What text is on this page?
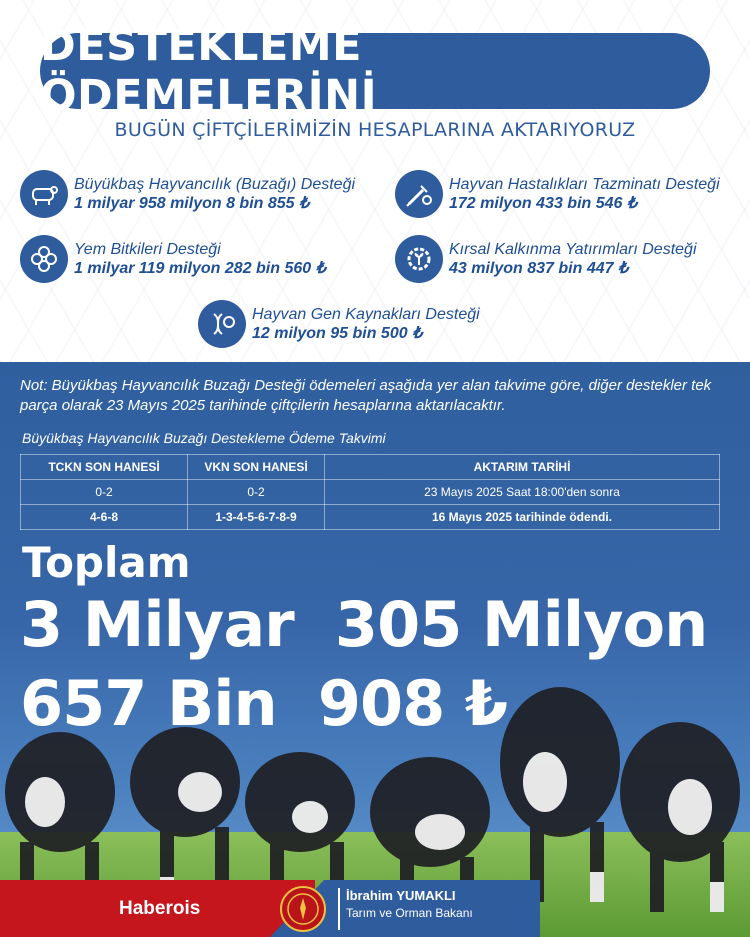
DESTEKLEME ÖDEMELERİNİ
BUGÜN ÇİFTÇİLERİMİZİN HESAPLARINA AKTARIYORUZ
Büyükbaş Hayvancılık (Buzağı) Desteği
1 milyar 958 milyon 8 bin 855 ₺
Hayvan Hastalıkları Tazminatı Desteği
172 milyon 433 bin 546 ₺
Yem Bitkileri Desteği
1 milyar 119 milyon 282 bin 560 ₺
Kırsal Kalkınma Yatırımları Desteği
43 milyon 837 bin 447 ₺
Hayvan Gen Kaynakları Desteği
12 milyon 95 bin 500 ₺
Not: Büyükbaş Hayvancılık Buzağı Desteği ödemeleri aşağıda yer alan takvime göre, diğer destekler tek parça olarak 23 Mayıs 2025 tarihinde çiftçilerin hesaplarına aktarılacaktır.
Büyükbaş Hayvancılık Buzağı Destekleme Ödeme Takvimi
TCKN SON HANESİ	VKN SON HANESİ	AKTARIM TARİHİ
0-2	0-2	23 Mayıs 2025 Saat 18:00'den sonra
4-6-8	1-3-4-5-6-7-8-9	16 Mayıs 2025 tarihinde ödendi.
Toplam
3 Milyar  305 Milyon
657 Bin  908 ₺
Haberois
İbrahim YUMAKLI
Tarım ve Orman Bakanı
